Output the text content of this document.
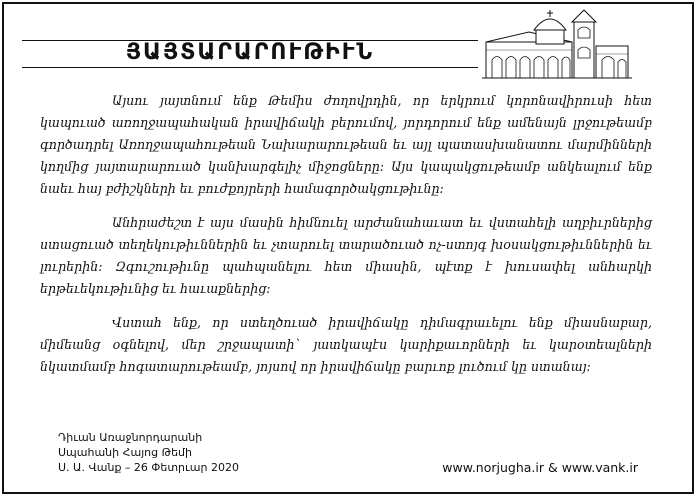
ՅԱՅՏԱՐԱՐՈՒԹԻՒՆ

Այսու յայտնում ենք Թեմիս ժողովրդին, որ երկրում կորոնավիրուսի հետ կապուած առողջապահական իրավիճակի բերումով, յորդորում ենք ամենայն լրջութեամբ գործադրել Առողջապահութեան Նախարարութեան եւ այլ պատասխանատու մարմինների կողմից յայտարարուած կանխարգելիչ միջոցները: Այս կապակցութեամբ անկեալում ենք նաեւ հայ բժիշկների եւ բուժքոյրերի համագործակցութիւնը:

Անհրաժեշտ է այս մասին հիմնուել արժանահաւատ եւ վստահելի աղբիւրներից ստացուած տեղեկութիւններին եւ չտարուել տարածուած ոչ-ստոյգ խօսակցութիւններին եւ լուրերին: Զգուշութիւնը պահպանելու հետ միասին, պէտք է խուսափել անհարկի երթեւեկութիւնից եւ հաւաքներից:

Վստահ ենք, որ ստեղծուած իրավիճակը դիմագրաւելու ենք միասնաբար, միմեանց օգնելով, մեր շրջապատի` յատկապէս կարիքաւորների եւ կարօտեալների նկատմամբ հոգատարութեամբ, յոյսով որ իրավիճակը բարւոք լուծում կը ստանայ:

Դիւան Առաջնորդարանի
Սպահանի Հայոց Թեմի
Ս. Ա. Վանք – 26 Փետրւար 2020	www.norjugha.ir & www.vank.ir
